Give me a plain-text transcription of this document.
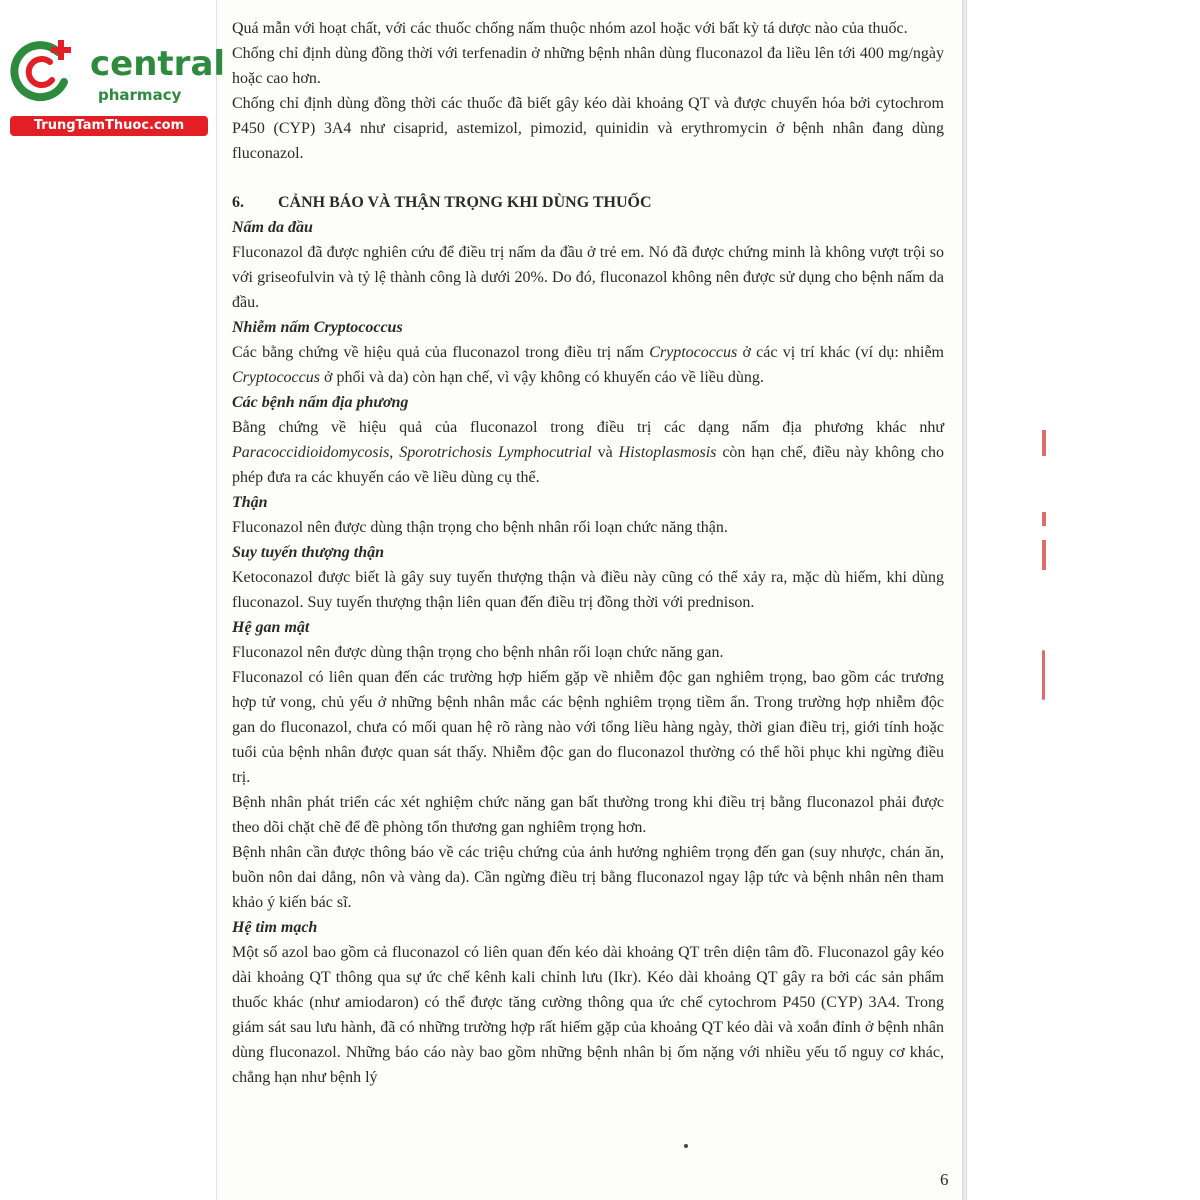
central
pharmacy
TrungTamThuoc.com

Quá mẫn với hoạt chất, với các thuốc chống nấm thuộc nhóm azol hoặc với bất kỳ tá dược nào của thuốc.

Chống chỉ định dùng đồng thời với terfenadin ở những bệnh nhân dùng fluconazol đa liều lên tới 400 mg/ngày hoặc cao hơn.

Chống chỉ định dùng đồng thời các thuốc đã biết gây kéo dài khoảng QT và được chuyển hóa bởi cytochrom P450 (CYP) 3A4 như cisaprid, astemizol, pimozid, quinidin và erythromycin ở bệnh nhân đang dùng fluconazol.

6.	CẢNH BÁO VÀ THẬN TRỌNG KHI DÙNG THUỐC

Nấm da đầu

Fluconazol đã được nghiên cứu để điều trị nấm da đầu ở trẻ em. Nó đã được chứng minh là không vượt trội so với griseofulvin và tỷ lệ thành công là dưới 20%. Do đó, fluconazol không nên được sử dụng cho bệnh nấm da đầu.

Nhiễm nấm Cryptococcus

Các bằng chứng về hiệu quả của fluconazol trong điều trị nấm Cryptococcus ở các vị trí khác (ví dụ: nhiễm Cryptococcus ở phổi và da) còn hạn chế, vì vậy không có khuyến cáo về liều dùng.

Các bệnh nấm địa phương

Bằng chứng về hiệu quả của fluconazol trong điều trị các dạng nấm địa phương khác như Paracoccidioidomycosis, Sporotrichosis Lymphocutrial và Histoplasmosis còn hạn chế, điều này không cho phép đưa ra các khuyến cáo về liều dùng cụ thể.

Thận

Fluconazol nên được dùng thận trọng cho bệnh nhân rối loạn chức năng thận.

Suy tuyến thượng thận

Ketoconazol được biết là gây suy tuyến thượng thận và điều này cũng có thể xảy ra, mặc dù hiếm, khi dùng fluconazol. Suy tuyến thượng thận liên quan đến điều trị đồng thời với prednison.

Hệ gan mật

Fluconazol nên được dùng thận trọng cho bệnh nhân rối loạn chức năng gan.

Fluconazol có liên quan đến các trường hợp hiếm gặp về nhiễm độc gan nghiêm trọng, bao gồm các trương hợp tử vong, chủ yếu ở những bệnh nhân mắc các bệnh nghiêm trọng tiềm ẩn. Trong trường hợp nhiễm độc gan do fluconazol, chưa có mối quan hệ rõ ràng nào với tổng liều hàng ngày, thời gian điều trị, giới tính hoặc tuổi của bệnh nhân được quan sát thấy. Nhiễm độc gan do fluconazol thường có thể hồi phục khi ngừng điều trị.

Bệnh nhân phát triển các xét nghiệm chức năng gan bất thường trong khi điều trị bằng fluconazol phải được theo dõi chặt chẽ để đề phòng tổn thương gan nghiêm trọng hơn.

Bệnh nhân cần được thông báo về các triệu chứng của ảnh hưởng nghiêm trọng đến gan (suy nhược, chán ăn, buồn nôn dai dẳng, nôn và vàng da). Cần ngừng điều trị bằng fluconazol ngay lập tức và bệnh nhân nên tham khảo ý kiến bác sĩ.

Hệ tim mạch

Một số azol bao gồm cả fluconazol có liên quan đến kéo dài khoảng QT trên diện tâm đồ. Fluconazol gây kéo dài khoảng QT thông qua sự ức chế kênh kali chỉnh lưu (Ikr). Kéo dài khoảng QT gây ra bởi các sản phẩm thuốc khác (như amiodaron) có thể được tăng cường thông qua ức chế cytochrom P450 (CYP) 3A4. Trong giám sát sau lưu hành, đã có những trường hợp rất hiếm gặp của khoảng QT kéo dài và xoắn đỉnh ở bệnh nhân dùng fluconazol. Những báo cáo này bao gồm những bệnh nhân bị ốm nặng với nhiều yếu tố nguy cơ khác, chẳng hạn như bệnh lý

6
